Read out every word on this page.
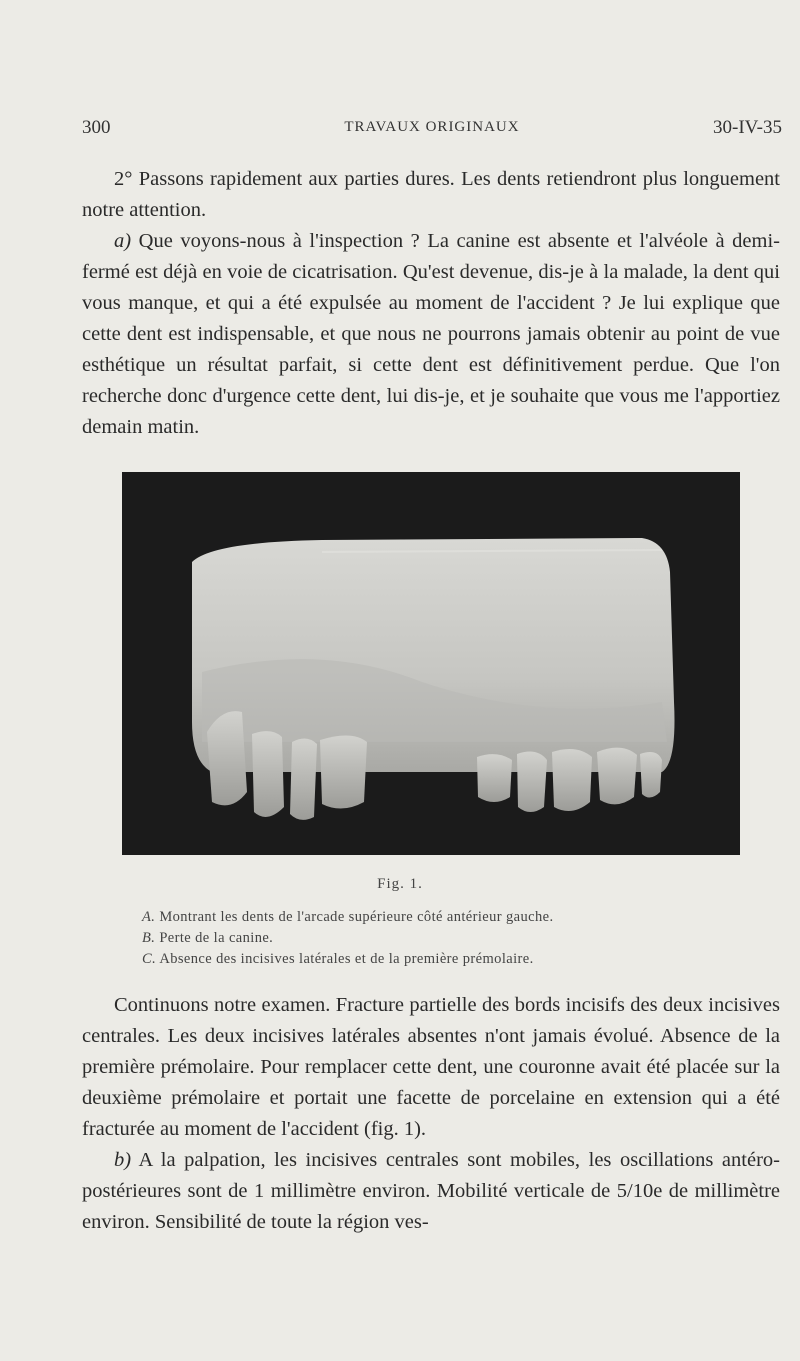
300	TRAVAUX ORIGINAUX	30-IV-35

2° Passons rapidement aux parties dures. Les dents retiendront plus longuement notre attention.

a) Que voyons-nous à l'inspection ? La canine est absente et l'alvéole à demi-fermé est déjà en voie de cicatrisation. Qu'est devenue, dis-je à la malade, la dent qui vous manque, et qui a été expulsée au moment de l'accident ? Je lui explique que cette dent est indispensable, et que nous ne pourrons jamais obtenir au point de vue esthétique un résultat parfait, si cette dent est définitivement perdue. Que l'on recherche donc d'urgence cette dent, lui dis-je, et je souhaite que vous me l'apportiez demain matin.

Fig. 1.
A. Montrant les dents de l'arcade supérieure côté antérieur gauche.
B. Perte de la canine.
C. Absence des incisives latérales et de la première prémolaire.

Continuons notre examen. Fracture partielle des bords incisifs des deux incisives centrales. Les deux incisives latérales absentes n'ont jamais évolué. Absence de la première prémolaire. Pour remplacer cette dent, une couronne avait été placée sur la deuxième prémolaire et portait une facette de porcelaine en extension qui a été fracturée au moment de l'accident (fig. 1).

b) A la palpation, les incisives centrales sont mobiles, les oscillations antéro-postérieures sont de 1 millimètre environ. Mobilité verticale de 5/10e de millimètre environ. Sensibilité de toute la région ves-
